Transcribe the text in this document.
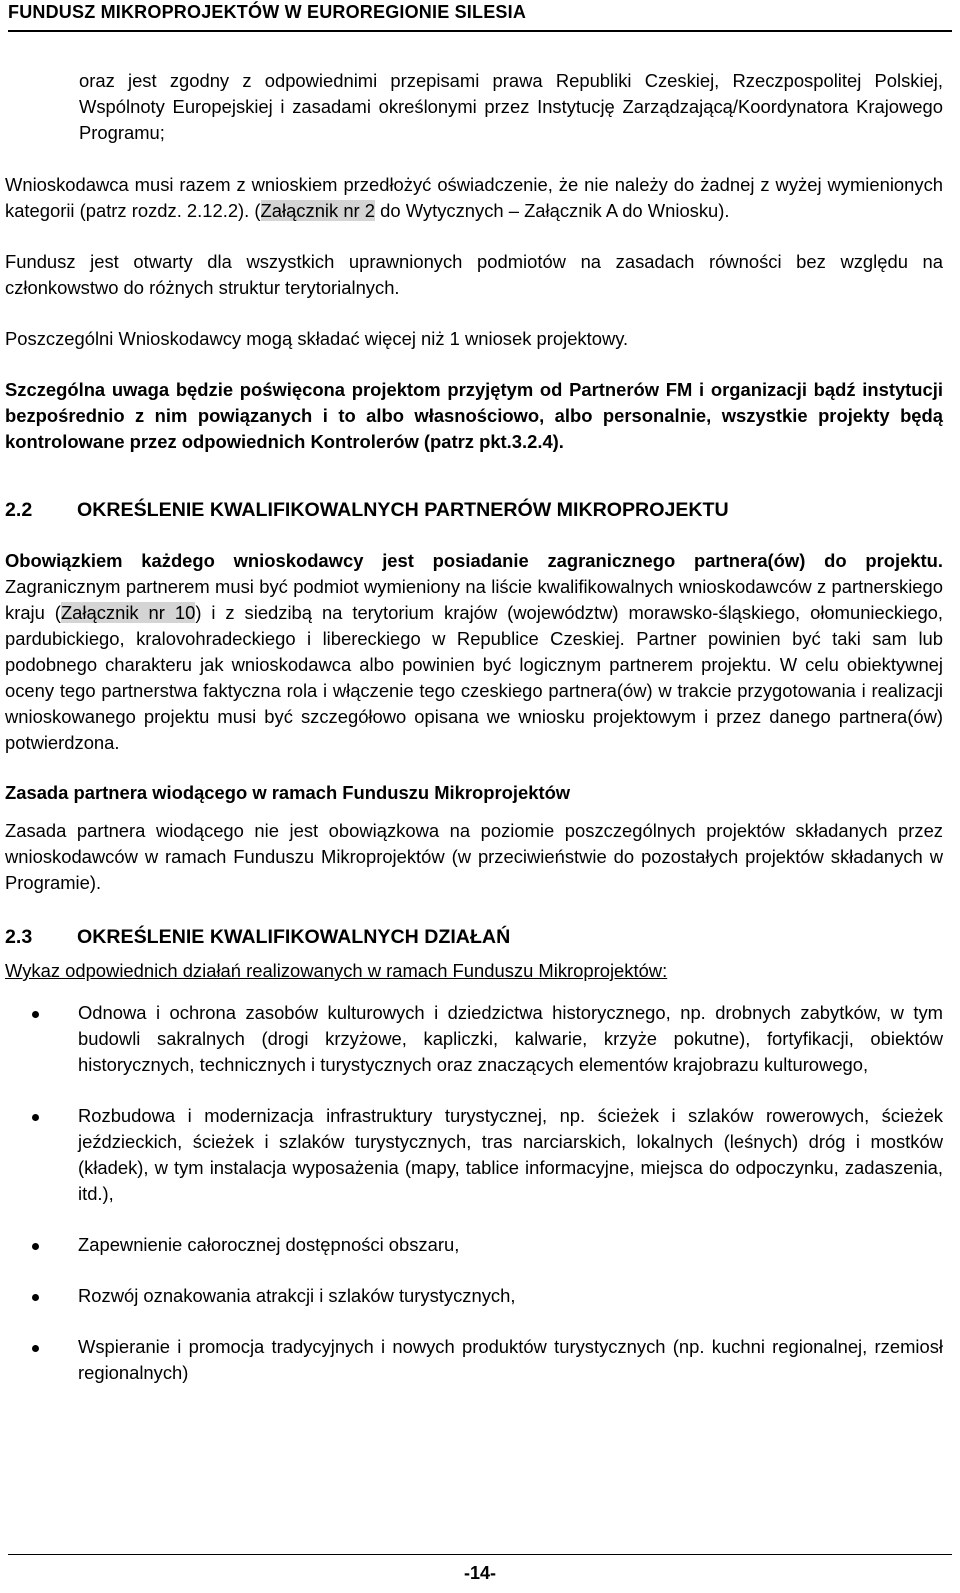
FUNDUSZ MIKROPROJEKTÓW W EUROREGIONIE SILESIA

oraz jest zgodny z odpowiednimi przepisami prawa Republiki Czeskiej, Rzeczpospolitej Polskiej, Wspólnoty Europejskiej i zasadami określonymi przez Instytucję Zarządzającą/Koordynatora Krajowego Programu;

Wnioskodawca musi razem z wnioskiem przedłożyć oświadczenie, że nie należy do żadnej z wyżej wymienionych kategorii (patrz rozdz. 2.12.2). (Załącznik nr 2 do Wytycznych – Załącznik A do Wniosku).

Fundusz jest otwarty dla wszystkich uprawnionych podmiotów na zasadach równości bez względu na członkowstwo do różnych struktur terytorialnych.

Poszczególni Wnioskodawcy mogą składać więcej niż 1 wniosek projektowy.

Szczególna uwaga będzie poświęcona projektom przyjętym od Partnerów FM i organizacji bądź instytucji bezpośrednio z nim powiązanych i to albo własnościowo, albo personalnie, wszystkie projekty będą kontrolowane przez odpowiednich Kontrolerów (patrz pkt.3.2.4).

2.2	OKREŚLENIE KWALIFIKOWALNYCH PARTNERÓW MIKROPROJEKTU

Obowiązkiem każdego wnioskodawcy jest posiadanie zagranicznego partnera(ów) do projektu. Zagranicznym partnerem musi być podmiot wymieniony na liście kwalifikowalnych wnioskodawców z partnerskiego kraju (Załącznik nr 10) i z siedzibą na terytorium krajów (województw) morawsko-śląskiego, ołomunieckiego, pardubickiego, kralovohradeckiego i libereckiego w Republice Czeskiej. Partner powinien być taki sam lub podobnego charakteru jak wnioskodawca albo powinien być logicznym partnerem projektu. W celu obiektywnej oceny tego partnerstwa faktyczna rola i włączenie tego czeskiego partnera(ów) w trakcie przygotowania i realizacji wnioskowanego projektu musi być szczegółowo opisana we wniosku projektowym i przez danego partnera(ów) potwierdzona.

Zasada partnera wiodącego w ramach Funduszu Mikroprojektów

Zasada partnera wiodącego nie jest obowiązkowa na poziomie poszczególnych projektów składanych przez wnioskodawców w ramach Funduszu Mikroprojektów (w przeciwieństwie do pozostałych projektów składanych w Programie).

2.3	OKREŚLENIE KWALIFIKOWALNYCH DZIAŁAŃ

Wykaz odpowiednich działań realizowanych w ramach Funduszu Mikroprojektów:

Odnowa i ochrona zasobów kulturowych i dziedzictwa historycznego, np. drobnych zabytków, w tym budowli sakralnych (drogi krzyżowe, kapliczki, kalwarie, krzyże pokutne), fortyfikacji, obiektów historycznych, technicznych i turystycznych oraz znaczących elementów krajobrazu kulturowego,
Rozbudowa i modernizacja infrastruktury turystycznej, np. ścieżek i szlaków rowerowych, ścieżek jeździeckich, ścieżek i szlaków turystycznych, tras narciarskich, lokalnych (leśnych) dróg i mostków (kładek), w tym instalacja wyposażenia (mapy, tablice informacyjne, miejsca do odpoczynku, zadaszenia, itd.),
Zapewnienie całorocznej dostępności obszaru,
Rozwój oznakowania atrakcji i szlaków turystycznych,
Wspieranie i promocja tradycyjnych i nowych produktów turystycznych (np. kuchni regionalnej, rzemiosł regionalnych)
-14-
